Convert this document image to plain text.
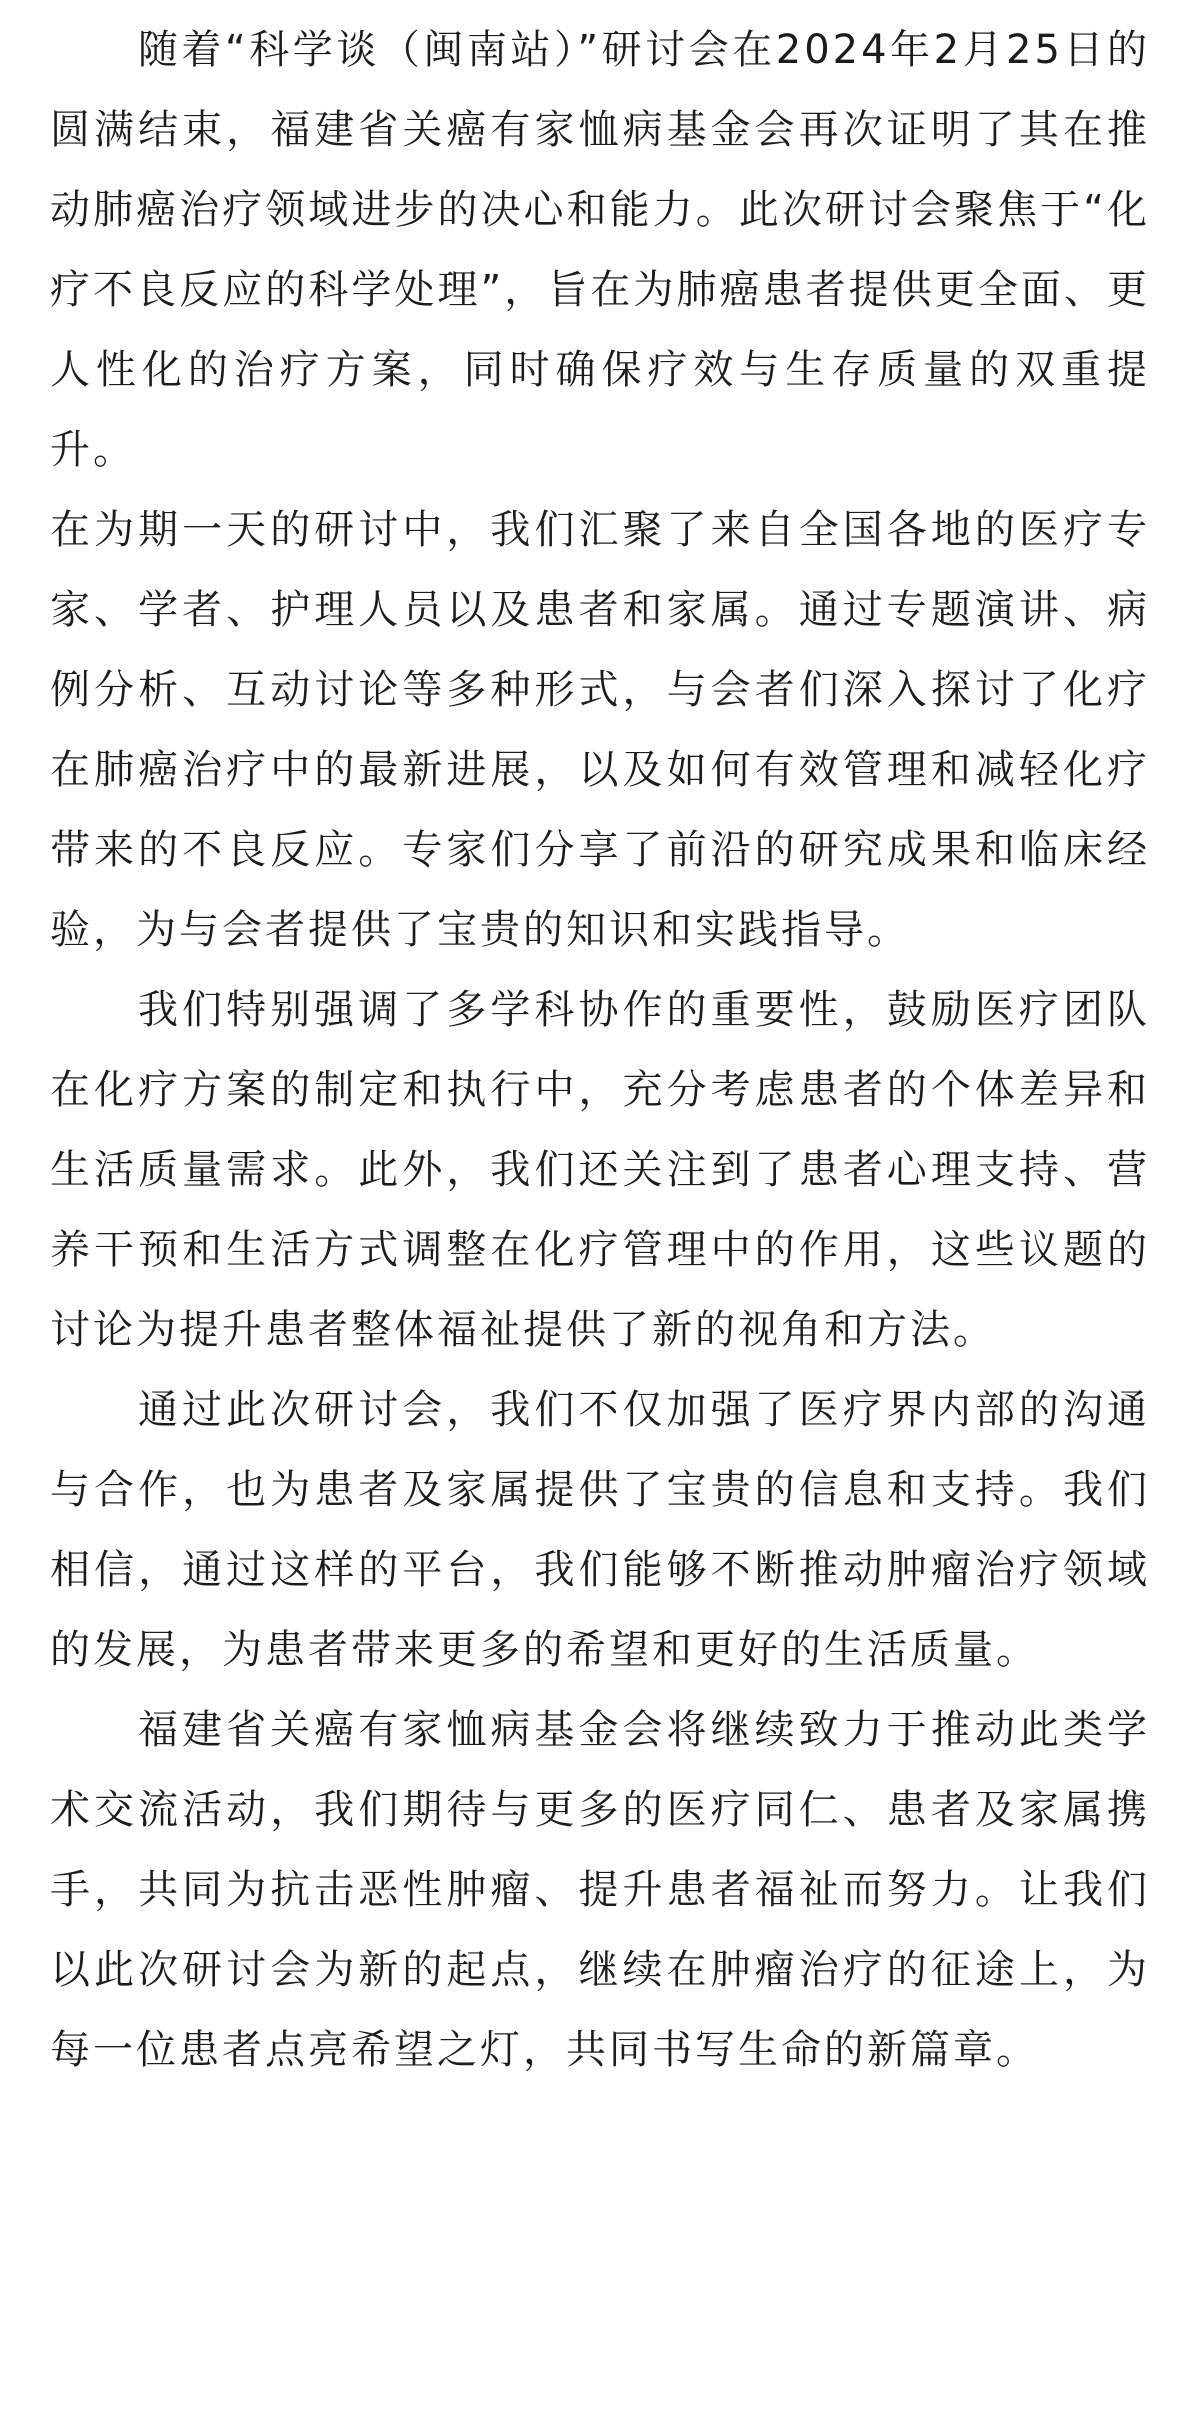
随着“科学谈（闽南站）”研讨会在2024年2月25日的圆满结束，福建省关癌有家恤病基金会再次证明了其在推动肺癌治疗领域进步的决心和能力。此次研讨会聚焦于“化疗不良反应的科学处理”，旨在为肺癌患者提供更全面、更人性化的治疗方案，同时确保疗效与生存质量的双重提升。

在为期一天的研讨中，我们汇聚了来自全国各地的医疗专家、学者、护理人员以及患者和家属。通过专题演讲、病例分析、互动讨论等多种形式，与会者们深入探讨了化疗在肺癌治疗中的最新进展，以及如何有效管理和减轻化疗带来的不良反应。专家们分享了前沿的研究成果和临床经验，为与会者提供了宝贵的知识和实践指导。

我们特别强调了多学科协作的重要性，鼓励医疗团队在化疗方案的制定和执行中，充分考虑患者的个体差异和生活质量需求。此外，我们还关注到了患者心理支持、营养干预和生活方式调整在化疗管理中的作用，这些议题的讨论为提升患者整体福祉提供了新的视角和方法。

通过此次研讨会，我们不仅加强了医疗界内部的沟通与合作，也为患者及家属提供了宝贵的信息和支持。我们相信，通过这样的平台，我们能够不断推动肿瘤治疗领域的发展，为患者带来更多的希望和更好的生活质量。

福建省关癌有家恤病基金会将继续致力于推动此类学术交流活动，我们期待与更多的医疗同仁、患者及家属携手，共同为抗击恶性肿瘤、提升患者福祉而努力。让我们以此次研讨会为新的起点，继续在肿瘤治疗的征途上，为每一位患者点亮希望之灯，共同书写生命的新篇章。
